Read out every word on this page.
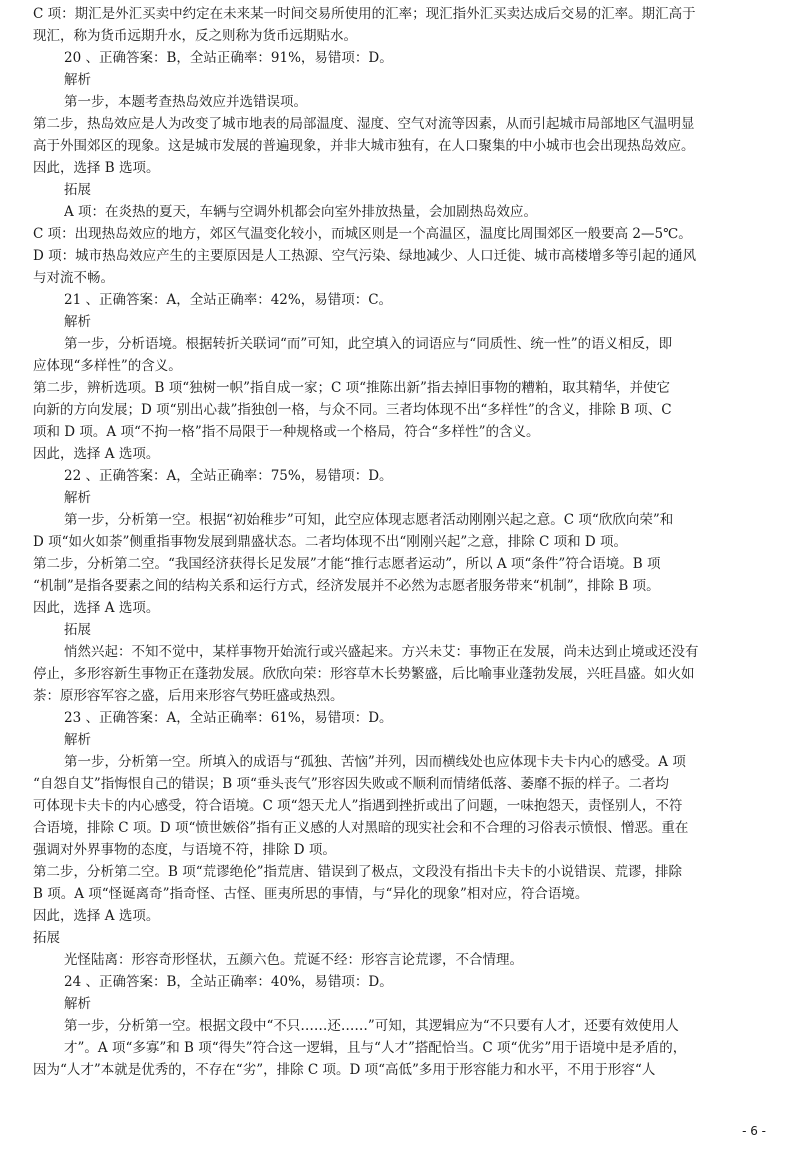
C 项：期汇是外汇买卖中约定在未来某一时间交易所使用的汇率；现汇指外汇买卖达成后交易的汇率。期汇高于
现汇，称为货币远期升水，反之则称为货币远期贴水。
20 、正确答案：B，全站正确率：91%，易错项：D。
解析
第一步，本题考查热岛效应并选错误项。
第二步，热岛效应是人为改变了城市地表的局部温度、湿度、空气对流等因素，从而引起城市局部地区气温明显
高于外围郊区的现象。这是城市发展的普遍现象，并非大城市独有，在人口聚集的中小城市也会出现热岛效应。
因此，选择 B 选项。
拓展
A 项：在炎热的夏天，车辆与空调外机都会向室外排放热量，会加剧热岛效应。
C 项：出现热岛效应的地方，郊区气温变化较小，而城区则是一个高温区，温度比周围郊区一般要高 2—5℃。
D 项：城市热岛效应产生的主要原因是人工热源、空气污染、绿地减少、人口迁徙、城市高楼增多等引起的通风
与对流不畅。
21 、正确答案：A，全站正确率：42%，易错项：C。
解析
第一步，分析语境。根据转折关联词“而”可知，此空填入的词语应与“同质性、统一性”的语义相反，即
应体现“多样性”的含义。
第二步，辨析选项。B 项“独树一帜”指自成一家；C 项“推陈出新”指去掉旧事物的糟粕，取其精华，并使它
向新的方向发展；D 项“别出心裁”指独创一格，与众不同。三者均体现不出“多样性”的含义，排除 B 项、C
项和 D 项。A 项“不拘一格”指不局限于一种规格或一个格局，符合“多样性”的含义。
因此，选择 A 选项。
22 、正确答案：A，全站正确率：75%，易错项：D。
解析
第一步，分析第一空。根据“初始稚步”可知，此空应体现志愿者活动刚刚兴起之意。C 项“欣欣向荣”和
D 项“如火如荼”侧重指事物发展到鼎盛状态。二者均体现不出“刚刚兴起”之意，排除 C 项和 D 项。
第二步，分析第二空。“我国经济获得长足发展”才能“推行志愿者运动”，所以 A 项“条件”符合语境。B 项
“机制”是指各要素之间的结构关系和运行方式，经济发展并不必然为志愿者服务带来“机制”，排除 B 项。
因此，选择 A 选项。
拓展
悄然兴起：不知不觉中，某样事物开始流行或兴盛起来。方兴未艾：事物正在发展，尚未达到止境或还没有
停止，多形容新生事物正在蓬勃发展。欣欣向荣：形容草木长势繁盛，后比喻事业蓬勃发展，兴旺昌盛。如火如
荼：原形容军容之盛，后用来形容气势旺盛或热烈。
23 、正确答案：A，全站正确率：61%，易错项：D。
解析
第一步，分析第一空。所填入的成语与“孤独、苦恼”并列，因而横线处也应体现卡夫卡内心的感受。A 项
“自怨自艾”指悔恨自己的错误；B 项“垂头丧气”形容因失败或不顺利而情绪低落、萎靡不振的样子。二者均
可体现卡夫卡的内心感受，符合语境。C 项“怨天尤人”指遇到挫折或出了问题，一味抱怨天，责怪别人，不符
合语境，排除 C 项。D 项“愤世嫉俗”指有正义感的人对黑暗的现实社会和不合理的习俗表示愤恨、憎恶。重在
强调对外界事物的态度，与语境不符，排除 D 项。
第二步，分析第二空。B 项“荒谬绝伦”指荒唐、错误到了极点，文段没有指出卡夫卡的小说错误、荒谬，排除
B 项。A 项“怪诞离奇”指奇怪、古怪、匪夷所思的事情，与“异化的现象”相对应，符合语境。
因此，选择 A 选项。
拓展
光怪陆离：形容奇形怪状，五颜六色。荒诞不经：形容言论荒谬，不合情理。
24 、正确答案：B，全站正确率：40%，易错项：D。
解析
第一步，分析第一空。根据文段中“不只……还……”可知，其逻辑应为“不只要有人才，还要有效使用人
才”。A 项“多寡”和 B 项“得失”符合这一逻辑，且与“人才”搭配恰当。C 项“优劣”用于语境中是矛盾的，
因为“人才”本就是优秀的，不存在“劣”，排除 C 项。D 项“高低”多用于形容能力和水平，不用于形容“人
- 6 -
